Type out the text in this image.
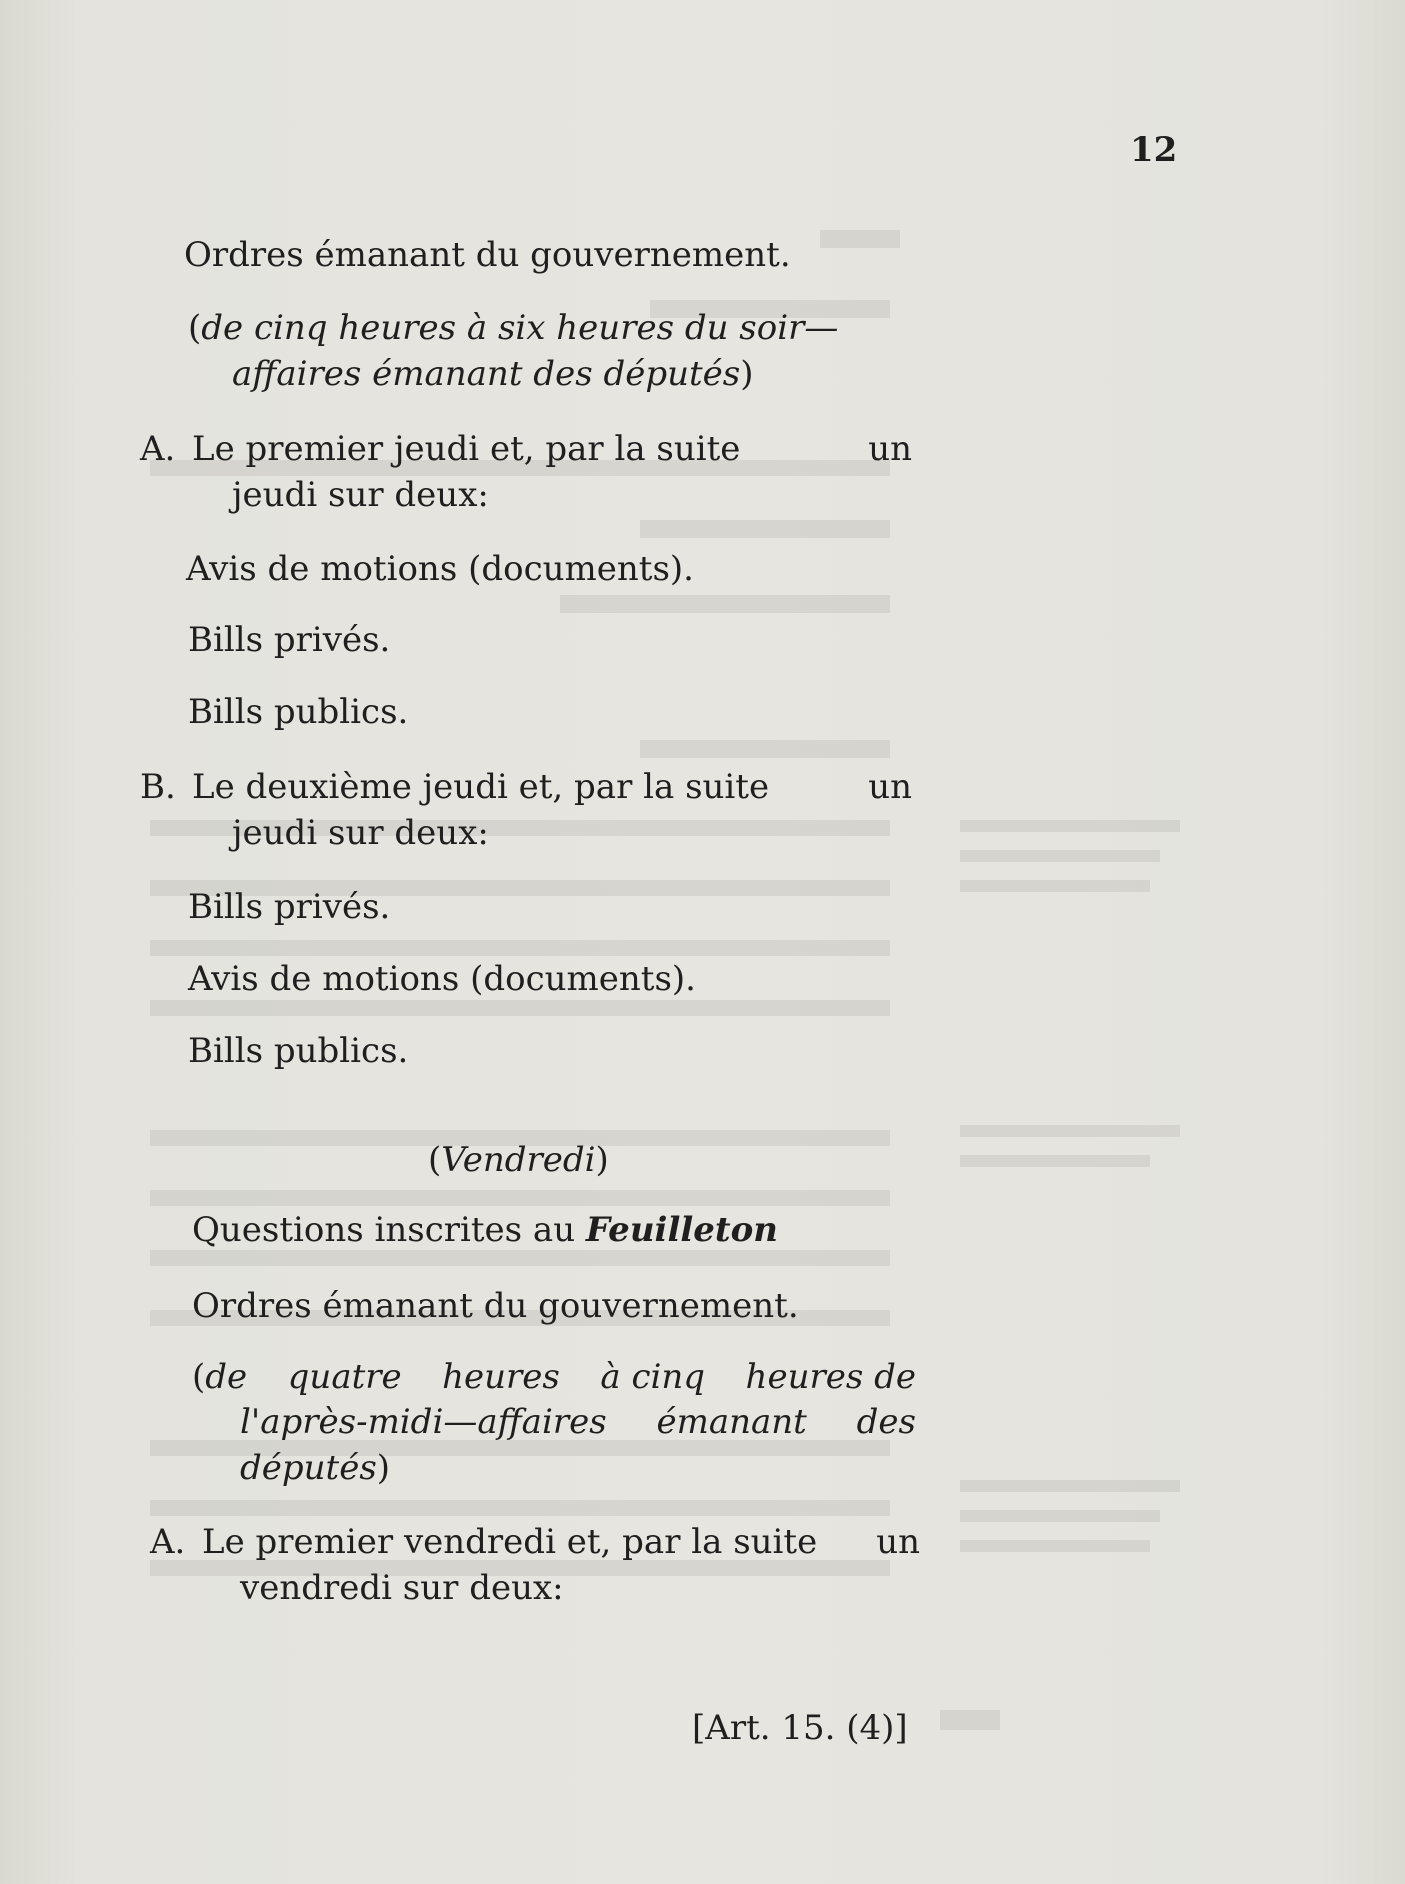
12
Ordres émanant du gouvernement.
(de cinq heures à six heures du soir—
affaires émanant des députés)
A. Le premier jeudi et, par la suite	un
jeudi sur deux:
Avis de motions (documents).
Bills privés.
Bills publics.
B. Le deuxième jeudi et, par la suite	un
jeudi sur deux:
Bills privés.
Avis de motions (documents).
Bills publics.
(Vendredi)
Questions inscrites au Feuilleton
Ordres émanant du gouvernement.
(de quatre heures à cinq heures de
l'après-midi—affaires émanant des
députés)
A. Le premier vendredi et, par la suite un
vendredi sur deux:
[Art. 15. (4)]
